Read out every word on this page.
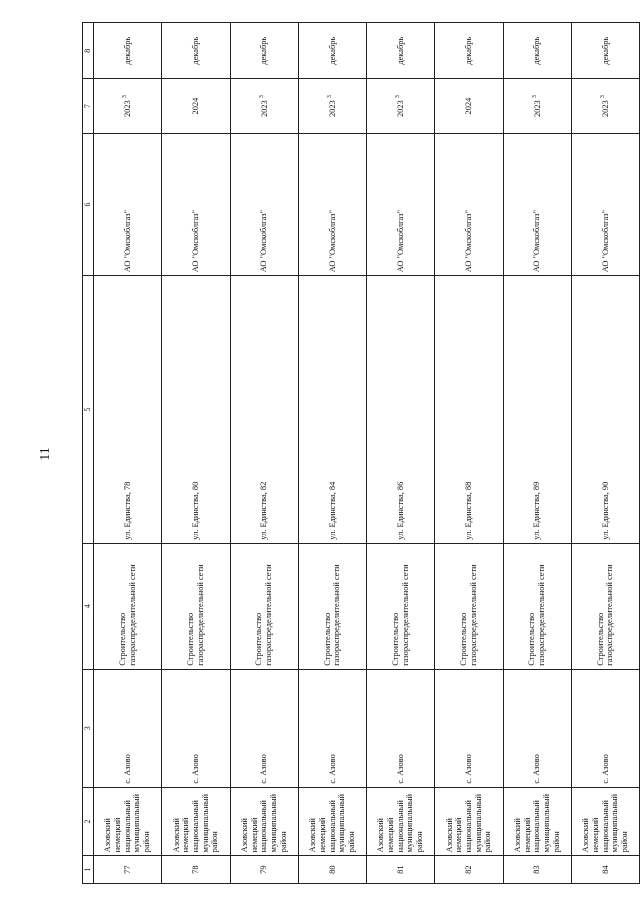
11
1	2	3	4	5	6	7	8
77	Азовский немецкий национальный муниципальный район	с. Азово	Строительство газораспределительной сети	ул. Единства, 78	АО "Омскоблгаз"	2023 $^3$	декабрь
78	Азовский немецкий национальный муниципальный район	с. Азово	Строительство газораспределительной сети	ул. Единства, 80	АО "Омскоблгаз"	2024	декабрь
79	Азовский немецкий национальный муниципальный район	с. Азово	Строительство газораспределительной сети	ул. Единства, 82	АО "Омскоблгаз"	2023 $^3$	декабрь
80	Азовский немецкий национальный муниципальный район	с. Азово	Строительство газораспределительной сети	ул. Единства, 84	АО "Омскоблгаз"	2023 $^3$	декабрь
81	Азовский немецкий национальный муниципальный район	с. Азово	Строительство газораспределительной сети	ул. Единства, 86	АО "Омскоблгаз"	2023 $^3$	декабрь
82	Азовский немецкий национальный муниципальный район	с. Азово	Строительство газораспределительной сети	ул. Единства, 88	АО "Омскоблгаз"	2024	декабрь
83	Азовский немецкий национальный муниципальный район	с. Азово	Строительство газораспределительной сети	ул. Единства, 89	АО "Омскоблгаз"	2023 $^3$	декабрь
84	Азовский немецкий национальный муниципальный район	с. Азово	Строительство газораспределительной сети	ул. Единства, 90	АО "Омскоблгаз"	2023 $^3$	декабрь
